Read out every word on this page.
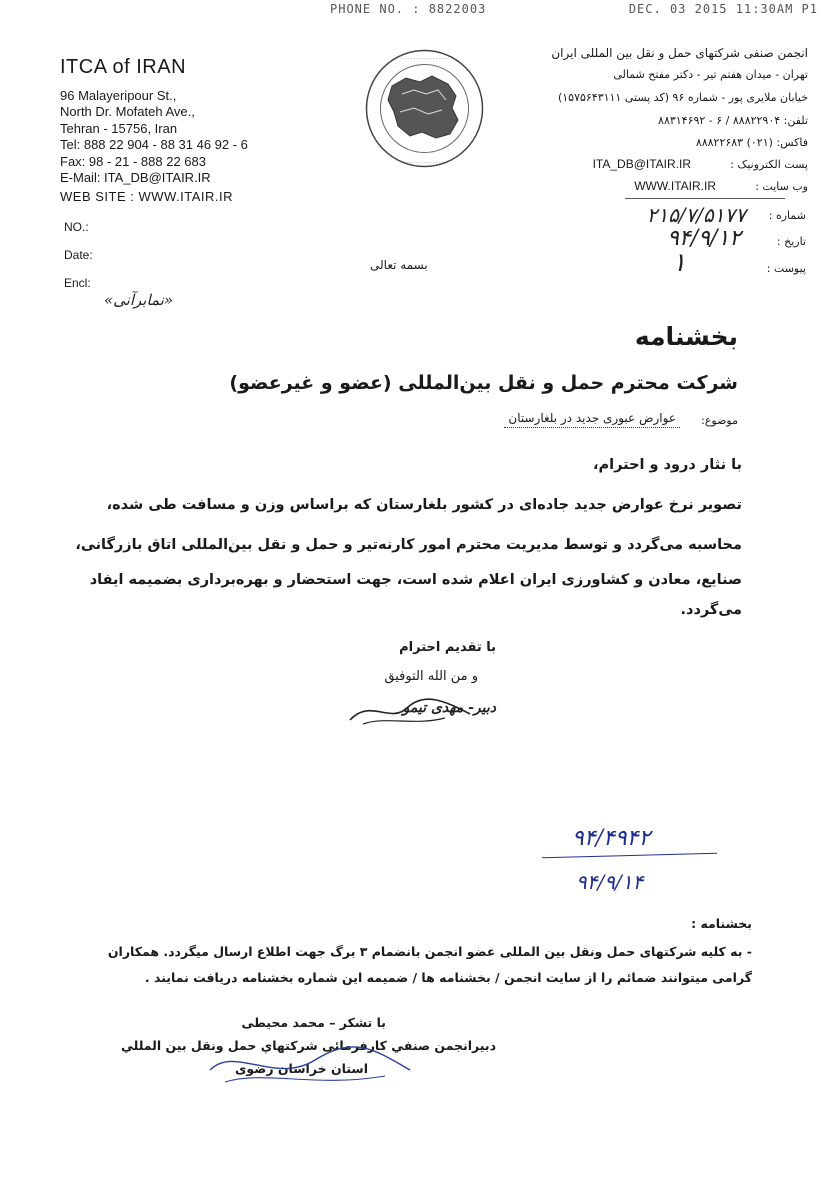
PHONE NO. : 8822003	DEC. 03 2015 11:30AM P1
ITCA of IRAN
96 Malayeripour St.,
North Dr. Mofateh Ave.,
Tehran - 15756, Iran
Tel: 888 22 904 - 88 31 46 92 - 6
Fax: 98 - 21 - 888 22 683
E-Mail: ITA_DB@ITAIR.IR
WEB SITE : WWW.ITAIR.IR
NO.:
Date:
Encl:
· · · · · · · · · · · · · · ·
· · · · · · · · · · · · · · ·
انجمن صنفی شرکتهای حمل و نقل بین المللی ایران
تهران - میدان هفتم تیر - دکتر مفتح شمالی
خیابان ملایری پور - شماره ۹۶ (کد پستی ۱۵۷۵۶۴۳۱۱۱)
تلفن: ۸۸۸۲۲۹۰۴ / ۶ - ۸۸۳۱۴۶۹۲
فاکس: (۰۲۱) ۸۸۸۲۲۶۸۳
پست الکترونیک :
ITA_DB@ITAIR.IR
وب سایت :
WWW.ITAIR.IR
شماره :
تاریخ :
پیوست :
۲۱۵/۷/۵۱۷۷
۹۴/۹/۱۲
۱
«نمابرآنی»
بسمه تعالی
بخشنامه
شرکت محترم حمل و نقل بین‌المللی (عضو و غیرعضو)
موضوع:
عوارض عبوری جدید در بلغارستان
با نثار درود و احترام،
تصویر نرخ عوارض جدید جاده‌ای در کشور بلغارستان که براساس وزن و مسافت طی شده،
محاسبه می‌گردد و توسط مدیریت محترم امور کارنه‌تیر و حمل و نقل بین‌المللی اتاق بازرگانی،
صنایع، معادن و کشاورزی ایران اعلام شده است، جهت استحضار و بهره‌برداری بضمیمه ایفاد
می‌گردد.
با تقدیم احترام
و من الله التوفیق
دبیر- مهدی تیمو
۹۴/۴۹۴۲
۹۴/۹/۱۴
بخشنامه :
- به کلیه شرکتهای حمل ونقل بین المللی عضو انجمن بانضمام ۳ برگ جهت اطلاع ارسال میگردد. همکاران
گرامی میتوانند ضمائم را از سایت انجمن / بخشنامه ها / ضمیمه این شماره بخشنامه دریافت نمایند .
با تشکر – محمد محیطی
دبیرانجمن صنفي کارفرمائی شرکتهاي حمل ونقل بين المللي
استان خراسان رضوی
